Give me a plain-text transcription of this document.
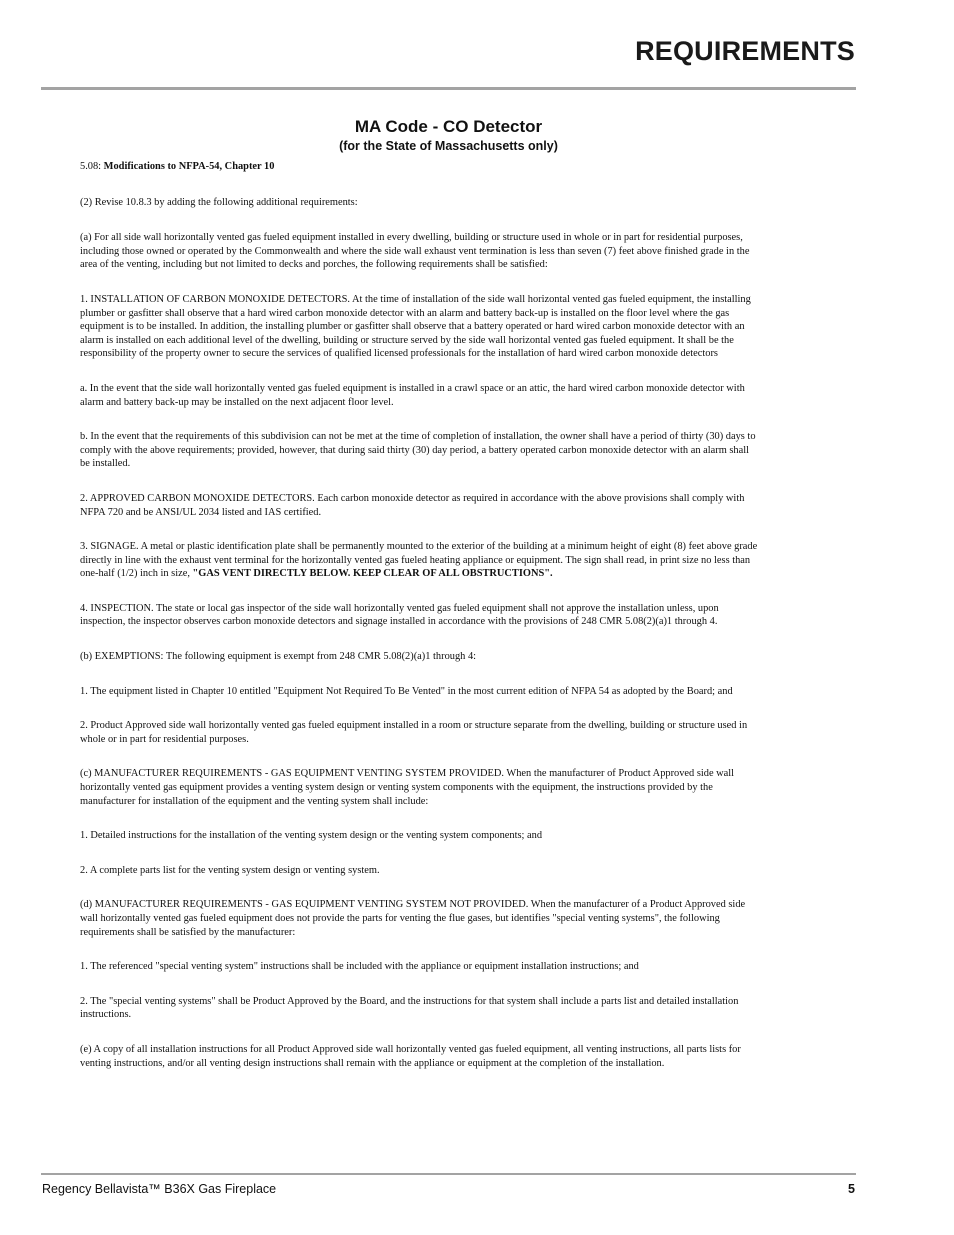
REQUIREMENTS
MA Code - CO Detector
(for the State of Massachusetts only)

5.08: Modifications to NFPA-54, Chapter 10

(2) Revise 10.8.3 by adding the following additional requirements:

(a) For all side wall horizontally vented gas fueled equipment installed in every dwelling, building or structure used in whole or in part for residential purposes, including those owned or operated by the Commonwealth and where the side wall exhaust vent termination is less than seven (7) feet above finished grade in the area of the venting, including but not limited to decks and porches, the following requirements shall be satisfied:

1. INSTALLATION OF CARBON MONOXIDE DETECTORS. At the time of installation of the side wall horizontal vented gas fueled equipment, the installing plumber or gasfitter shall observe that a hard wired carbon monoxide detector with an alarm and battery back-up is installed on the floor level where the gas equipment is to be installed. In addition, the installing plumber or gasfitter shall observe that a battery operated or hard wired carbon monoxide detector with an alarm is installed on each additional level of the dwelling, building or structure served by the side wall horizontal vented gas fueled equipment. It shall be the responsibility of the property owner to secure the services of qualified licensed professionals for the installation of hard wired carbon monoxide detectors

a. In the event that the side wall horizontally vented gas fueled equipment is installed in a crawl space or an attic, the hard wired carbon monoxide detector with alarm and battery back-up may be installed on the next adjacent floor level.

b. In the event that the requirements of this subdivision can not be met at the time of completion of installation, the owner shall have a period of thirty (30) days to comply with the above requirements; provided, however, that during said thirty (30) day period, a battery operated carbon monoxide detector with an alarm shall be installed.

2. APPROVED CARBON MONOXIDE DETECTORS. Each carbon monoxide detector as required in accordance with the above provisions shall comply with NFPA 720 and be ANSI/UL 2034 listed and IAS certified.

3. SIGNAGE. A metal or plastic identification plate shall be permanently mounted to the exterior of the building at a minimum height of eight (8) feet above grade directly in line with the exhaust vent terminal for the horizontally vented gas fueled heating appliance or equipment. The sign shall read, in print size no less than one-half (1/2) inch in size, "GAS VENT DIRECTLY BELOW. KEEP CLEAR OF ALL OBSTRUCTIONS".

4. INSPECTION. The state or local gas inspector of the side wall horizontally vented gas fueled equipment shall not approve the installation unless, upon inspection, the inspector observes carbon monoxide detectors and signage installed in accordance with the provisions of 248 CMR 5.08(2)(a)1 through 4.

(b) EXEMPTIONS: The following equipment is exempt from 248 CMR 5.08(2)(a)1 through 4:

1. The equipment listed in Chapter 10 entitled "Equipment Not Required To Be Vented" in the most current edition of NFPA 54 as adopted by the Board; and

2. Product Approved side wall horizontally vented gas fueled equipment installed in a room or structure separate from the dwelling, building or structure used in whole or in part for residential purposes.

(c) MANUFACTURER REQUIREMENTS - GAS EQUIPMENT VENTING SYSTEM PROVIDED. When the manufacturer of Product Approved side wall horizontally vented gas equipment provides a venting system design or venting system components with the equipment, the instructions provided by the manufacturer for installation of the equipment and the venting system shall include:

1. Detailed instructions for the installation of the venting system design or the venting system components; and

2. A complete parts list for the venting system design or venting system.

(d) MANUFACTURER REQUIREMENTS - GAS EQUIPMENT VENTING SYSTEM NOT PROVIDED. When the manufacturer of a Product Approved side wall horizontally vented gas fueled equipment does not provide the parts for venting the flue gases, but identifies "special venting systems", the following requirements shall be satisfied by the manufacturer:

1. The referenced "special venting system" instructions shall be included with the appliance or equipment installation instructions; and

2. The "special venting systems" shall be Product Approved by the Board, and the instructions for that system shall include a parts list and detailed installation instructions.

(e) A copy of all installation instructions for all Product Approved side wall horizontally vented gas fueled equipment, all venting instructions, all parts lists for venting instructions, and/or all venting design instructions shall remain with the appliance or equipment at the completion of the installation.

Regency Bellavista™ B36X Gas Fireplace	5
